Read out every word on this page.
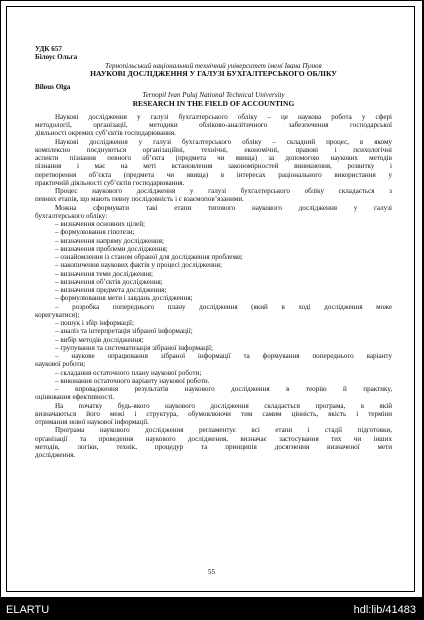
УДК 657
Білоус Ольга
Тернопільський національний технічний університет імені Івана Пулюя
НАУКОВІ ДОСЛІДЖЕННЯ У ГАЛУЗІ БУХГАЛТЕРСЬКОГО ОБЛІКУ
Bilous Olga
Ternopil Ivan Puluj National Technical University
RESEARCH IN THE FIELD OF ACCOUNTING
Наукові дослідження у галузі бухгалтерського обліку – це наукова робота у сфері
методології, організації, методики обліково-аналітичного забезпечення господарської
діяльності окремих суб’єктів господарювання.
Наукові дослідження у галузі бухгалтерського обліку – складний процес, в якому
комплексно поєднуються організаційні, технічні, економічні, правові і психологічні
аспекти пізнання певного об’єкта (предмета чи явища) за допомогою наукових методів
пізнання і має на меті встановлення закономірностей виникнення, розвитку і
перетворення об’єкта (предмета чи явища) в інтересах раціонального використання у
практичній діяльності суб’єктів господарювання.
Процес наукового дослідження у галузі бухгалтерського обліку складається з
певних етапів, що мають певну послідовність і є взаємопов’язаними.
Можна сформувати такі етапи типового наукового дослідження у галузі
бухгалтерського обліку:
– визначення основних цілей;
– формулювання гіпотези;
– визначення напряму дослідження;
– визначення проблеми дослідження;
– ознайомлення із станом обраної для дослідження проблеми;
– накопичення наукових фактів у процесі дослідження;
– визначення теми дослідження;
– визначення об’єктів дослідження;
– визначення предмета дослідження;
– формулювання мети і завдань дослідження;
– розробка попереднього плану дослідження (який в ході дослідження може
коригуватися);
– пошук і збір інформації;
– аналіз та інтерпретація зібраної інформації;
– вибір методів дослідження;
– групування та систематизація зібраної інформації;
– наукове опрацювання зібраної інформації та формування попереднього варіанту
наукової роботи;
– складання остаточного плану наукової роботи;
– виконання остаточного варіанту наукової роботи.
– впровадження результатів наукового дослідження в теорію й практику,
оцінювання ефективності.
На початку будь-якого наукового дослідження складається програма, в якій
визначаються його межі і структура, обумовлюючи тим самим цінність, якість і терміни
отримання нової наукової інформації.
Програма наукового дослідження регламентує всі етапи і стадії підготовки,
організації та проведення наукового дослідження, визначає застосування тих чи інших
методів, логіки, технік, процедур та принципів досягнення визначеної мети
дослідження.
55
ELARTU	hdl:lib/41483
